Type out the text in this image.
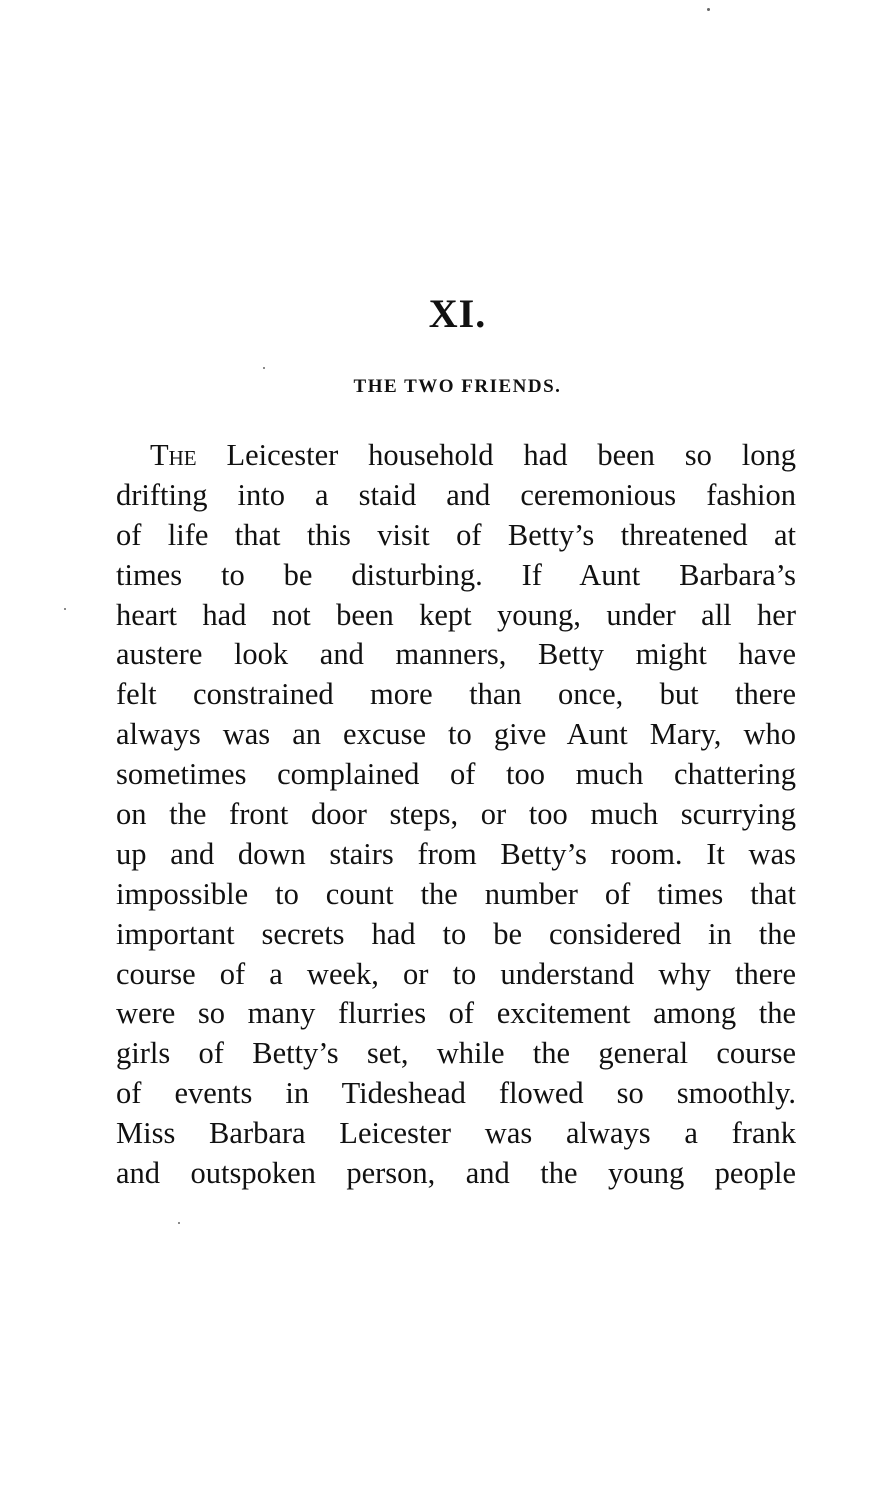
XI.
THE TWO FRIENDS.
The Leicester household had been so long
drifting into a staid and ceremonious fashion
of life that this visit of Betty’s threatened at
times to be disturbing. If Aunt Barbara’s
heart had not been kept young, under all her
austere look and manners, Betty might have
felt constrained more than once, but there
always was an excuse to give Aunt Mary, who
sometimes complained of too much chattering
on the front door steps, or too much scurrying
up and down stairs from Betty’s room. It was
impossible to count the number of times that
important secrets had to be considered in the
course of a week, or to understand why there
were so many flurries of excitement among the
girls of Betty’s set, while the general course
of events in Tideshead flowed so smoothly.
Miss Barbara Leicester was always a frank
and outspoken person, and the young people
